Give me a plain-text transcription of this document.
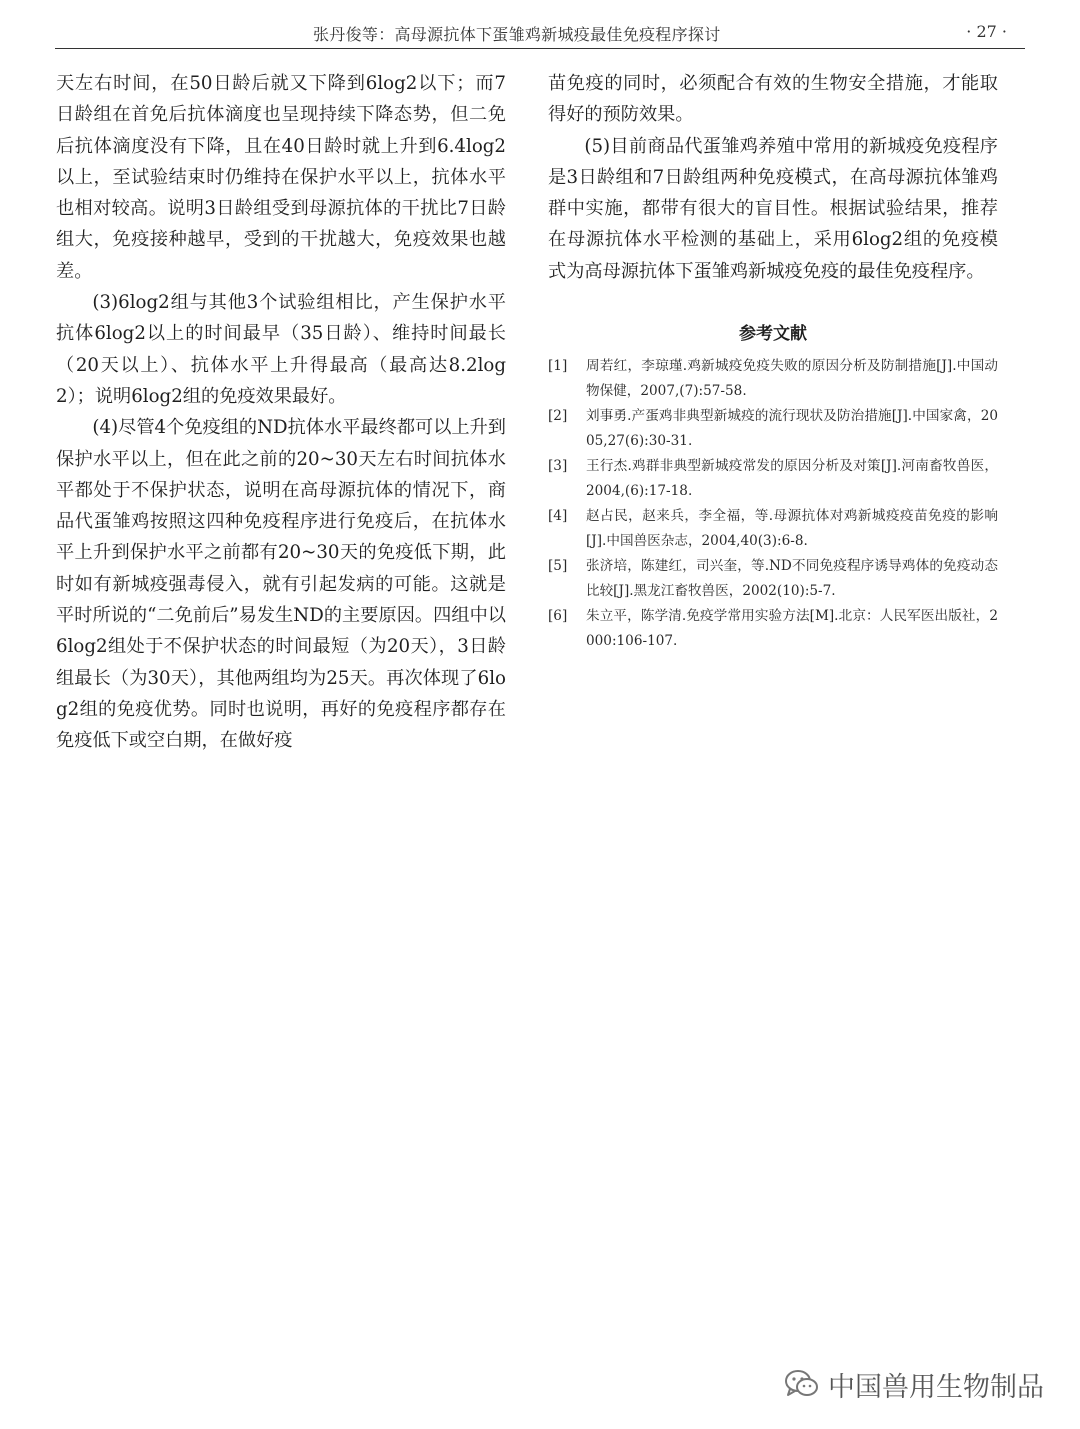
张丹俊等：高母源抗体下蛋雏鸡新城疫最佳免疫程序探讨	· 27 ·

天左右时间，在50日龄后就又下降到6log2以下；而7日龄组在首免后抗体滴度也呈现持续下降态势，但二免后抗体滴度没有下降，且在40日龄时就上升到6.4log2以上，至试验结束时仍维持在保护水平以上，抗体水平也相对较高。说明3日龄组受到母源抗体的干扰比7日龄组大，免疫接种越早，受到的干扰越大，免疫效果也越差。

(3)6log2组与其他3个试验组相比，产生保护水平抗体6log2以上的时间最早（35日龄）、维持时间最长（20天以上）、抗体水平上升得最高（最高达8.2log2）；说明6log2组的免疫效果最好。

(4)尽管4个免疫组的ND抗体水平最终都可以上升到保护水平以上，但在此之前的20~30天左右时间抗体水平都处于不保护状态，说明在高母源抗体的情况下，商品代蛋雏鸡按照这四种免疫程序进行免疫后，在抗体水平上升到保护水平之前都有20~30天的免疫低下期，此时如有新城疫强毒侵入，就有引起发病的可能。这就是平时所说的“二免前后”易发生ND的主要原因。四组中以6log2组处于不保护状态的时间最短（为20天），3日龄组最长（为30天），其他两组均为25天。再次体现了6log2组的免疫优势。同时也说明，再好的免疫程序都存在免疫低下或空白期，在做好疫

苗免疫的同时，必须配合有效的生物安全措施，才能取得好的预防效果。

(5)目前商品代蛋雏鸡养殖中常用的新城疫免疫程序是3日龄组和7日龄组两种免疫模式，在高母源抗体雏鸡群中实施，都带有很大的盲目性。根据试验结果，推荐在母源抗体水平检测的基础上，采用6log2组的免疫模式为高母源抗体下蛋雏鸡新城疫免疫的最佳免疫程序。

参考文献
[1]	周若红，李琼瑾.鸡新城疫免疫失败的原因分析及防制措施[J].中国动物保健，2007,(7):57-58.
[2]	刘事勇.产蛋鸡非典型新城疫的流行现状及防治措施[J].中国家禽，2005,27(6):30-31.
[3]	王行杰.鸡群非典型新城疫常发的原因分析及对策[J].河南畜牧兽医，2004,(6):17-18.
[4]	赵占民，赵来兵，李全福，等.母源抗体对鸡新城疫疫苗免疫的影响[J].中国兽医杂志，2004,40(3):6-8.
[5]	张济培，陈建红，司兴奎，等.ND不同免疫程序诱导鸡体的免疫动态比较[J].黑龙江畜牧兽医，2002(10):5-7.
[6]	朱立平，陈学清.免疫学常用实验方法[M].北京：人民军医出版社，2000:106-107.
中国兽用生物制品
